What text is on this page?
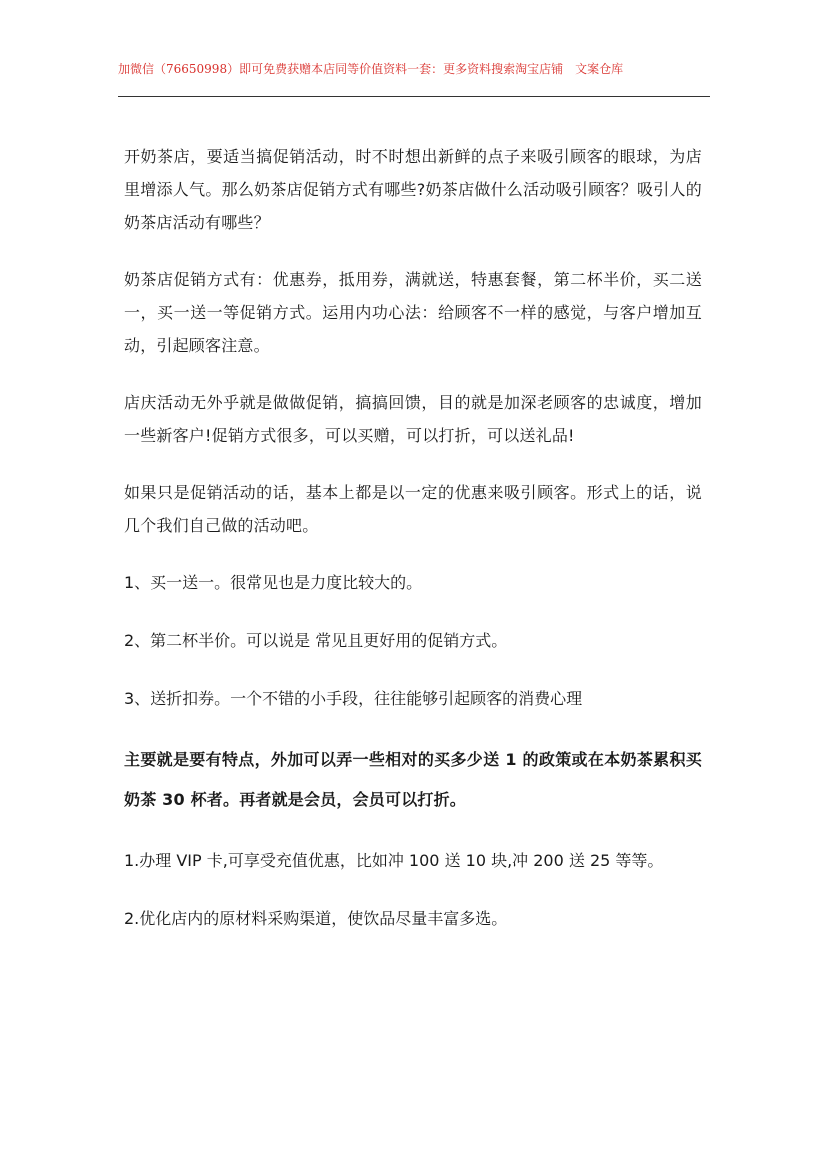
加微信（76650998）即可免费获赠本店同等价值资料一套：更多资料搜索淘宝店铺　文案仓库

开奶茶店，要适当搞促销活动，时不时想出新鲜的点子来吸引顾客的眼球，为店里增添人气。那么奶茶店促销方式有哪些?奶茶店做什么活动吸引顾客？吸引人的奶茶店活动有哪些？

奶茶店促销方式有：优惠券，抵用券，满就送，特惠套餐，第二杯半价，买二送一，买一送一等促销方式。运用内功心法：给顾客不一样的感觉，与客户增加互动，引起顾客注意。

店庆活动无外乎就是做做促销，搞搞回馈，目的就是加深老顾客的忠诚度，增加一些新客户!促销方式很多，可以买赠，可以打折，可以送礼品!

如果只是促销活动的话，基本上都是以一定的优惠来吸引顾客。形式上的话，说几个我们自己做的活动吧。

1、买一送一。很常见也是力度比较大的。

2、第二杯半价。可以说是 常见且更好用的促销方式。

3、送折扣券。一个不错的小手段，往往能够引起顾客的消费心理

主要就是要有特点，外加可以弄一些相对的买多少送 1 的政策或在本奶茶累积买奶茶 30 杯者。再者就是会员，会员可以打折。

1.办理 VIP 卡,可享受充值优惠，比如冲 100 送 10 块,冲 200 送 25 等等。

2.优化店内的原材料采购渠道，使饮品尽量丰富多选。
